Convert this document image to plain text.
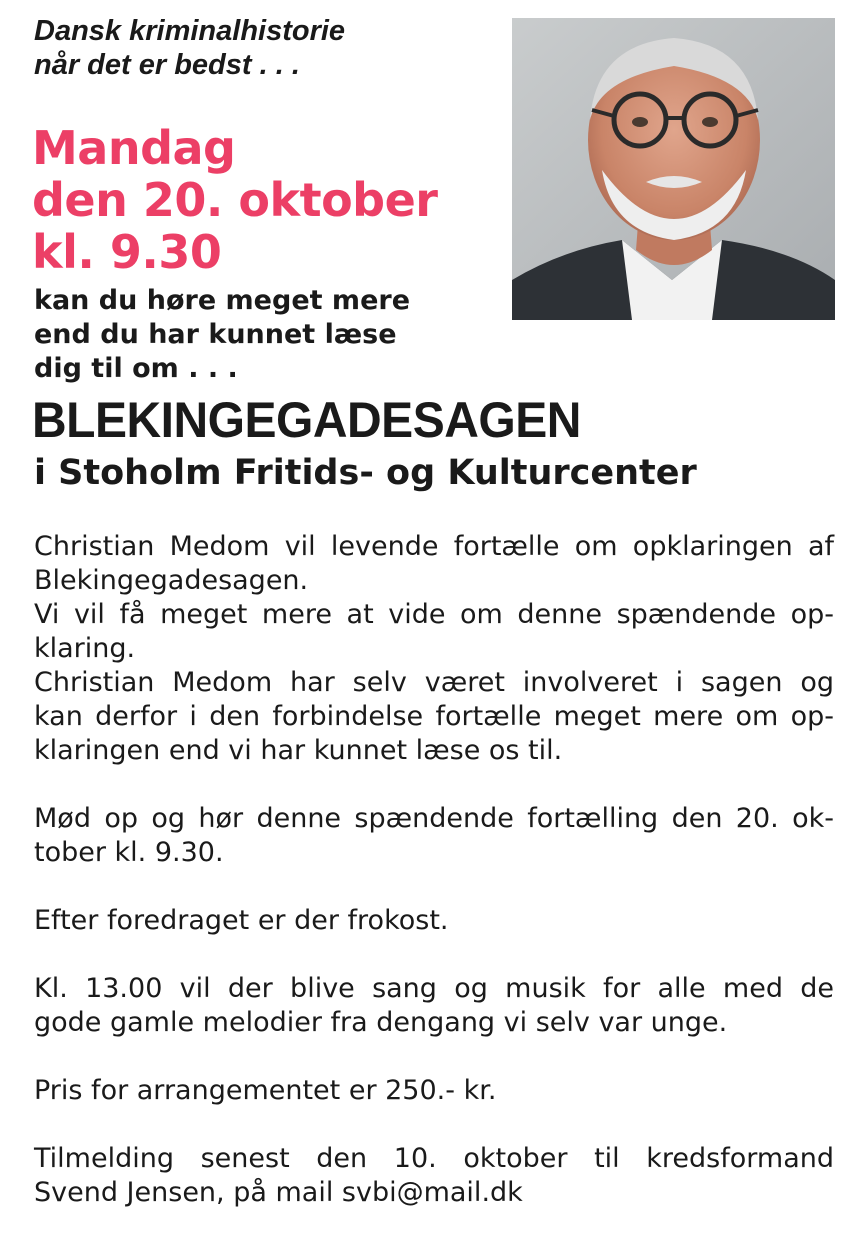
Dansk kriminalhistorie
når det er bedst . . .
Mandag
den 20. oktober
kl. 9.30
kan du høre meget mere
end du har kunnet læse
dig til om . . .
BLEKINGEGADESAGEN
i Stoholm Fritids- og Kulturcenter
Christian Medom vil levende fortælle om opklaringen af
Blekingegadesagen.
Vi vil få meget mere at vide om denne spændende op-
klaring.
Christian Medom har selv været involveret i sagen og
kan derfor i den forbindelse fortælle meget mere om op-
klaringen end vi har kunnet læse os til.
Mød op og hør denne spændende fortælling den 20. ok-
tober kl. 9.30.
Efter foredraget er der frokost.
Kl. 13.00 vil der blive sang og musik for alle med de
gode gamle melodier fra dengang vi selv var unge.
Pris for arrangementet er 250.- kr.
Tilmelding senest den 10. oktober til kredsformand
Svend Jensen, på mail svbi@mail.dk
